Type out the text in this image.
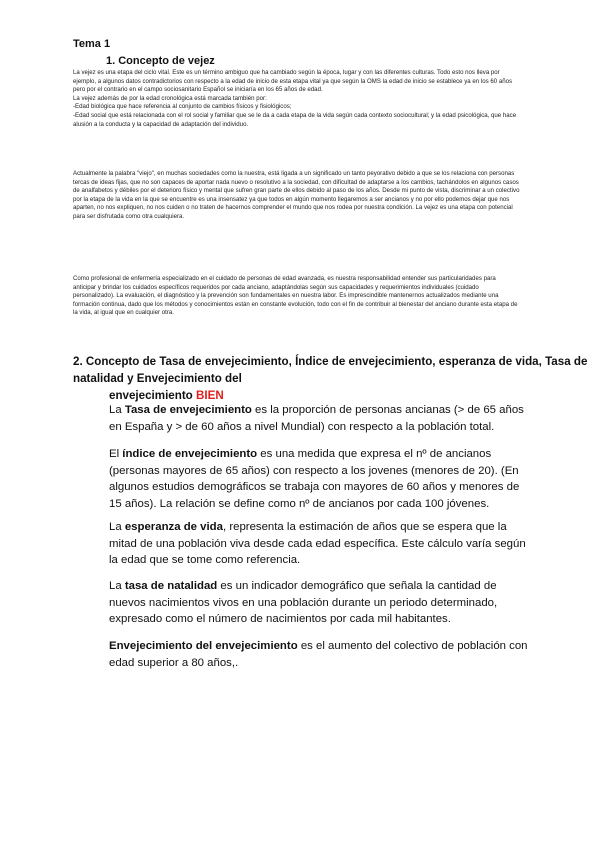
Tema 1
1. Concepto de vejez

La vejez es una etapa del ciclo vital. Este es un término ambiguo que ha cambiado según la época, lugar y con las diferentes culturas. Todo esto nos lleva por ejemplo, a algunos datos contradictorios con respecto a la edad de inicio de esta etapa vital ya que según la OMS la edad de inicio se establece ya en los 60 años pero por el contrario en el campo sociosanitario Español se iniciaría en los 65 años de edad.

La vejez además de por la edad cronológica está marcada también por:

-Edad biológica que hace referencia al conjunto de cambios físicos y fisiológicos;

-Edad social que está relacionada con el rol social y familiar que se le da a cada etapa de la vida según cada contexto sociocultural; y la edad psicológica, que hace alusión a la conducta y la capacidad de adaptación del individuo.

Actualmente la palabra "viejo", en muchas sociedades como la nuestra, está ligada a un significado un tanto peyorativo debido a que se los relaciona con personas tercas de ideas fijas, que no son capaces de aportar nada nuevo o resolutivo a la sociedad, con dificultad de adaptarse a los cambios, tachándolos en algunos casos de analfabetos y débiles por el deterioro físico y mental que sufren gran parte de ellos debido al paso de los años. Desde mi punto de vista, discriminar a un colectivo por la etapa de la vida en la que se encuentre es una insensatez ya que todos en algún momento llegaremos a ser ancianos y no por ello podemos dejar que nos aparten, no nos expliquen, no nos cuiden o no traten de hacernos comprender el mundo que nos rodea por nuestra condición. La vejez es una etapa con potencial para ser disfrutada como otra cualquiera.

Como profesional de enfermería especializado en el cuidado de personas de edad avanzada, es nuestra responsabilidad entender sus particularidades para anticipar y brindar los cuidados específicos requeridos por cada anciano, adaptándolas según sus capacidades y requerimientos individuales (cuidado personalizado). La evaluación, el diagnóstico y la prevención son fundamentales en nuestra labor. Es imprescindible mantenernos actualizados mediante una formación continua, dado que los métodos y conocimientos están en constante evolución, todo con el fin de contribuir al bienestar del anciano durante esta etapa de la vida, al igual que en cualquier otra.

2. Concepto de Tasa de envejecimiento, Índice de envejecimiento, esperanza de vida, Tasa de natalidad y Envejecimiento del
envejecimiento BIEN
La Tasa de envejecimiento es la proporción de personas ancianas (> de 65 años en España y > de 60 años a nivel Mundial) con respecto a la población total.
El índice de envejecimiento es una medida que expresa el nº de ancianos (personas mayores de 65 años) con respecto a los jovenes (menores de 20). (En algunos estudios demográficos se trabaja con mayores de 60 años y menores de 15 años). La relación se define como nº de ancianos por cada 100 jóvenes.
La esperanza de vida, representa la estimación de años que se espera que la mitad de una población viva desde cada edad específica. Este cálculo varía según la edad que se tome como referencia.
La tasa de natalidad es un indicador demográfico que señala la cantidad de nuevos nacimientos vivos en una población durante un periodo determinado, expresado como el número de nacimientos por cada mil habitantes.
Envejecimiento del envejecimiento es el aumento del colectivo de población con edad superior a 80 años,.
